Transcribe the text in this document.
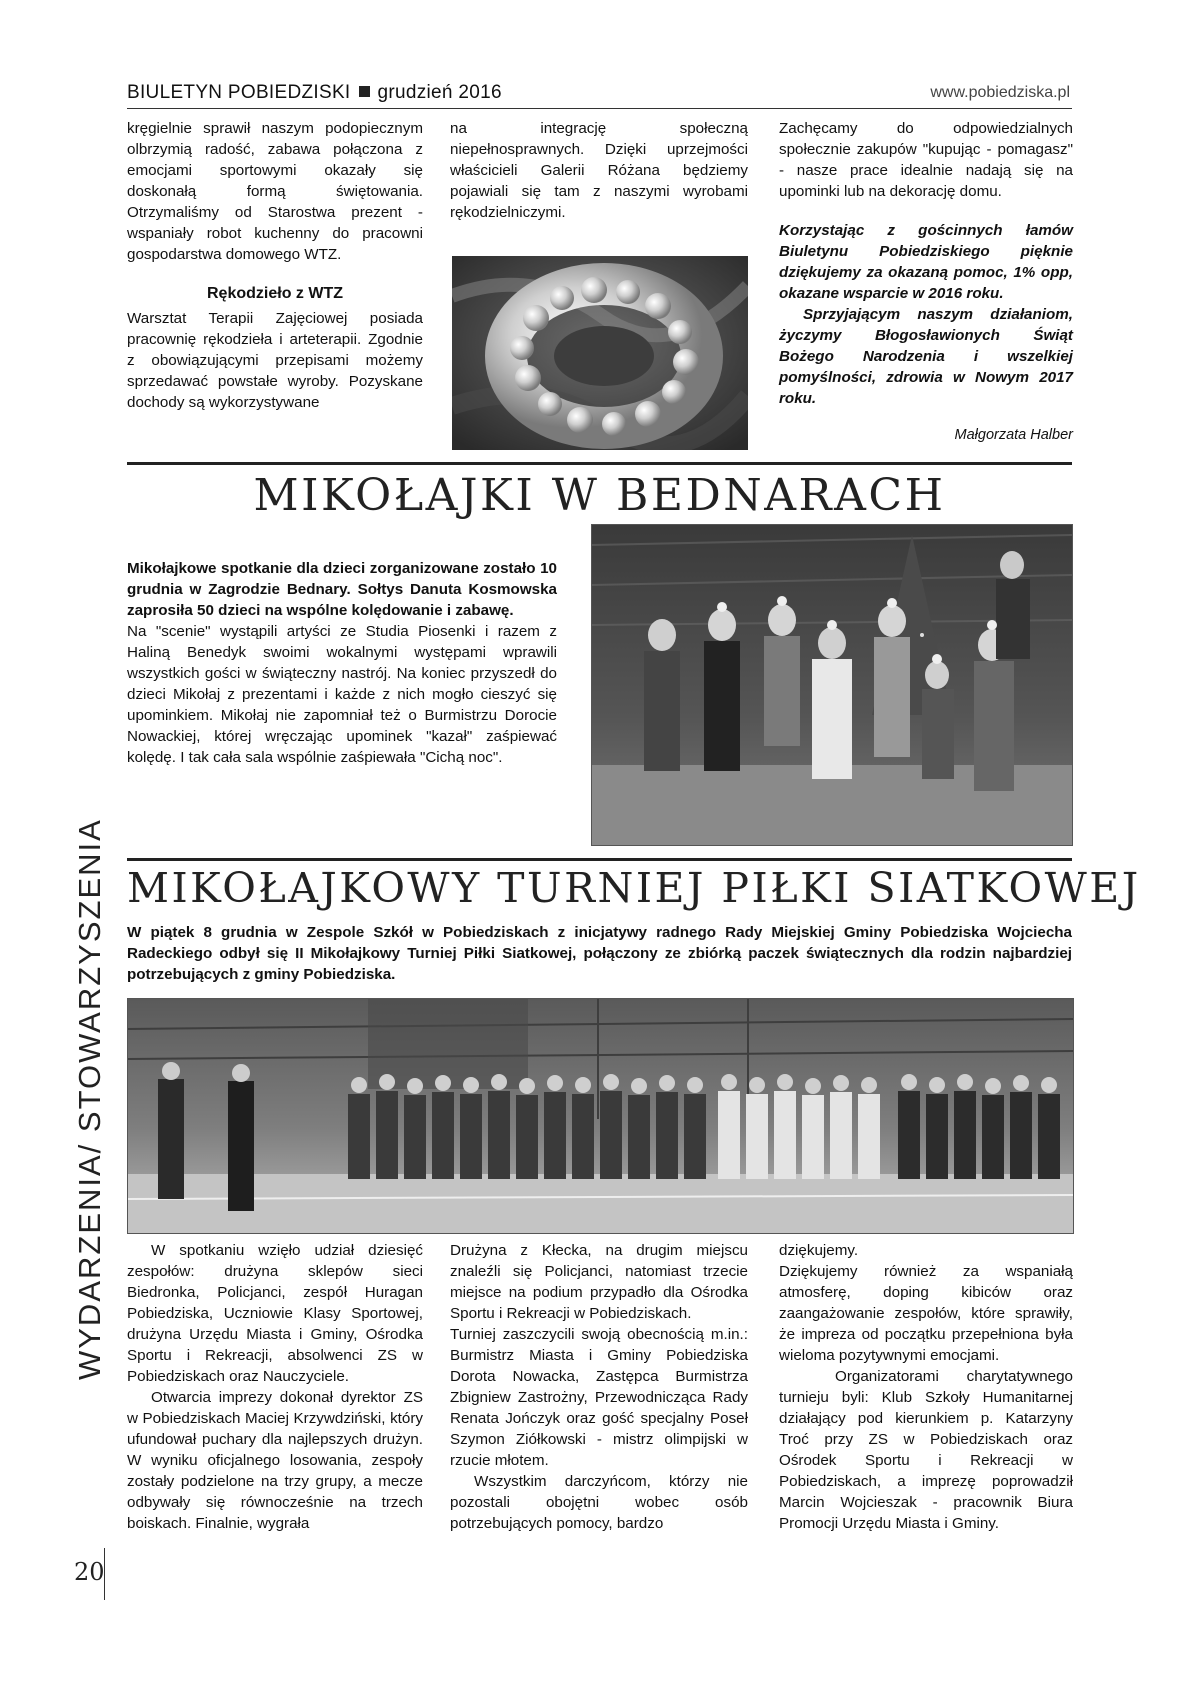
BIULETYN POBIEDZISKI grudzień 2016	www.pobiedziska.pl

kręgielnie sprawił naszym podopiecznym olbrzymią radość, zabawa połączona z emocjami sportowymi okazały się doskonałą formą świętowania. Otrzymaliśmy od Starostwa prezent - wspaniały robot kuchenny do pracowni gospodarstwa domowego WTZ.

Rękodzieło z WTZ

Warsztat Terapii Zajęciowej posiada pracownię rękodzieła i arteterapii. Zgodnie z obowiązującymi przepisami możemy sprzedawać powstałe wyroby. Pozyskane dochody są wykorzystywane

na integrację społeczną niepełnosprawnych. Dzięki uprzejmości właścicieli Galerii Różana będziemy pojawiali się tam z naszymi wyrobami rękodzielniczymi.

Zachęcamy do odpowiedzialnych społecznie zakupów "kupując - pomagasz" - nasze prace idealnie nadają się na upominki lub na dekorację domu.

Korzystając z gościnnych łamów Biuletynu Pobiedziskiego pięknie dziękujemy za okazaną pomoc, 1% opp, okazane wsparcie w 2016 roku.

Sprzyjającym naszym działaniom, życzymy Błogosławionych Świąt Bożego Narodzenia i wszelkiej pomyślności, zdrowia w Nowym 2017 roku.

Małgorzata Halber

MIKOŁAJKI W BEDNARACH

Mikołajkowe spotkanie dla dzieci zorganizowane zostało 10 grudnia w Zagrodzie Bednary. Sołtys Danuta Kosmowska zaprosiła 50 dzieci na wspólne kolędowanie i zabawę.

Na "scenie" wystąpili artyści ze Studia Piosenki i razem z Haliną Benedyk swoimi wokalnymi występami wprawili wszystkich gości w świąteczny nastrój. Na koniec przyszedł do dzieci Mikołaj z prezentami i każde z nich mogło cieszyć się upominkiem. Mikołaj nie zapomniał też o Burmistrzu Dorocie Nowackiej, której wręczając upominek "kazał" zaśpiewać kolędę. I tak cała sala wspólnie zaśpiewała "Cichą noc".

MIKOŁAJKOWY TURNIEJ PIŁKI SIATKOWEJ

W piątek 8 grudnia w Zespole Szkół w Pobiedziskach z inicjatywy radnego Rady Miejskiej Gminy Pobiedziska Wojciecha Radeckiego odbył się II Mikołajkowy Turniej Piłki Siatkowej, połączony ze zbiórką paczek świątecznych dla rodzin najbardziej potrzebujących z gminy Pobiedziska.

W spotkaniu wzięło udział dziesięć zespołów: drużyna sklepów sieci Biedronka, Policjanci, zespół Huragan Pobiedziska, Uczniowie Klasy Sportowej, drużyna Urzędu Miasta i Gminy, Ośrodka Sportu i Rekreacji, absolwenci ZS w Pobiedziskach oraz Nauczyciele.

Otwarcia imprezy dokonał dyrektor ZS w Pobiedziskach Maciej Krzywdziński, który ufundował puchary dla najlepszych drużyn. W wyniku oficjalnego losowania, zespoły zostały podzielone na trzy grupy, a mecze odbywały się równocześnie na trzech boiskach. Finalnie, wygrała

Drużyna z Kłecka, na drugim miejscu znaleźli się Policjanci, natomiast trzecie miejsce na podium przypadło dla Ośrodka Sportu i Rekreacji w Pobiedziskach.

Turniej zaszczycili swoją obecnością m.in.: Burmistrz Miasta i Gminy Pobiedziska Dorota Nowacka, Zastępca Burmistrza Zbigniew Zastrożny, Przewodnicząca Rady Renata Jończyk oraz gość specjalny Poseł Szymon Ziółkowski - mistrz olimpijski w rzucie młotem.

Wszystkim darczyńcom, którzy nie pozostali obojętni wobec osób potrzebujących pomocy, bardzo

dziękujemy.

Dziękujemy również za wspaniałą atmosferę, doping kibiców oraz zaangażowanie zespołów, które sprawiły, że impreza od początku przepełniona była wieloma pozytywnymi emocjami.

Organizatorami charytatywnego turnieju byli: Klub Szkoły Humanitarnej działający pod kierunkiem p. Katarzyny Troć przy ZS w Pobiedziskach oraz Ośrodek Sportu i Rekreacji w Pobiedziskach, a imprezę poprowadził Marcin Wojcieszak - pracownik Biura Promocji Urzędu Miasta i Gminy.

WYDARZENIA/ STOWARZYSZENIA
20
